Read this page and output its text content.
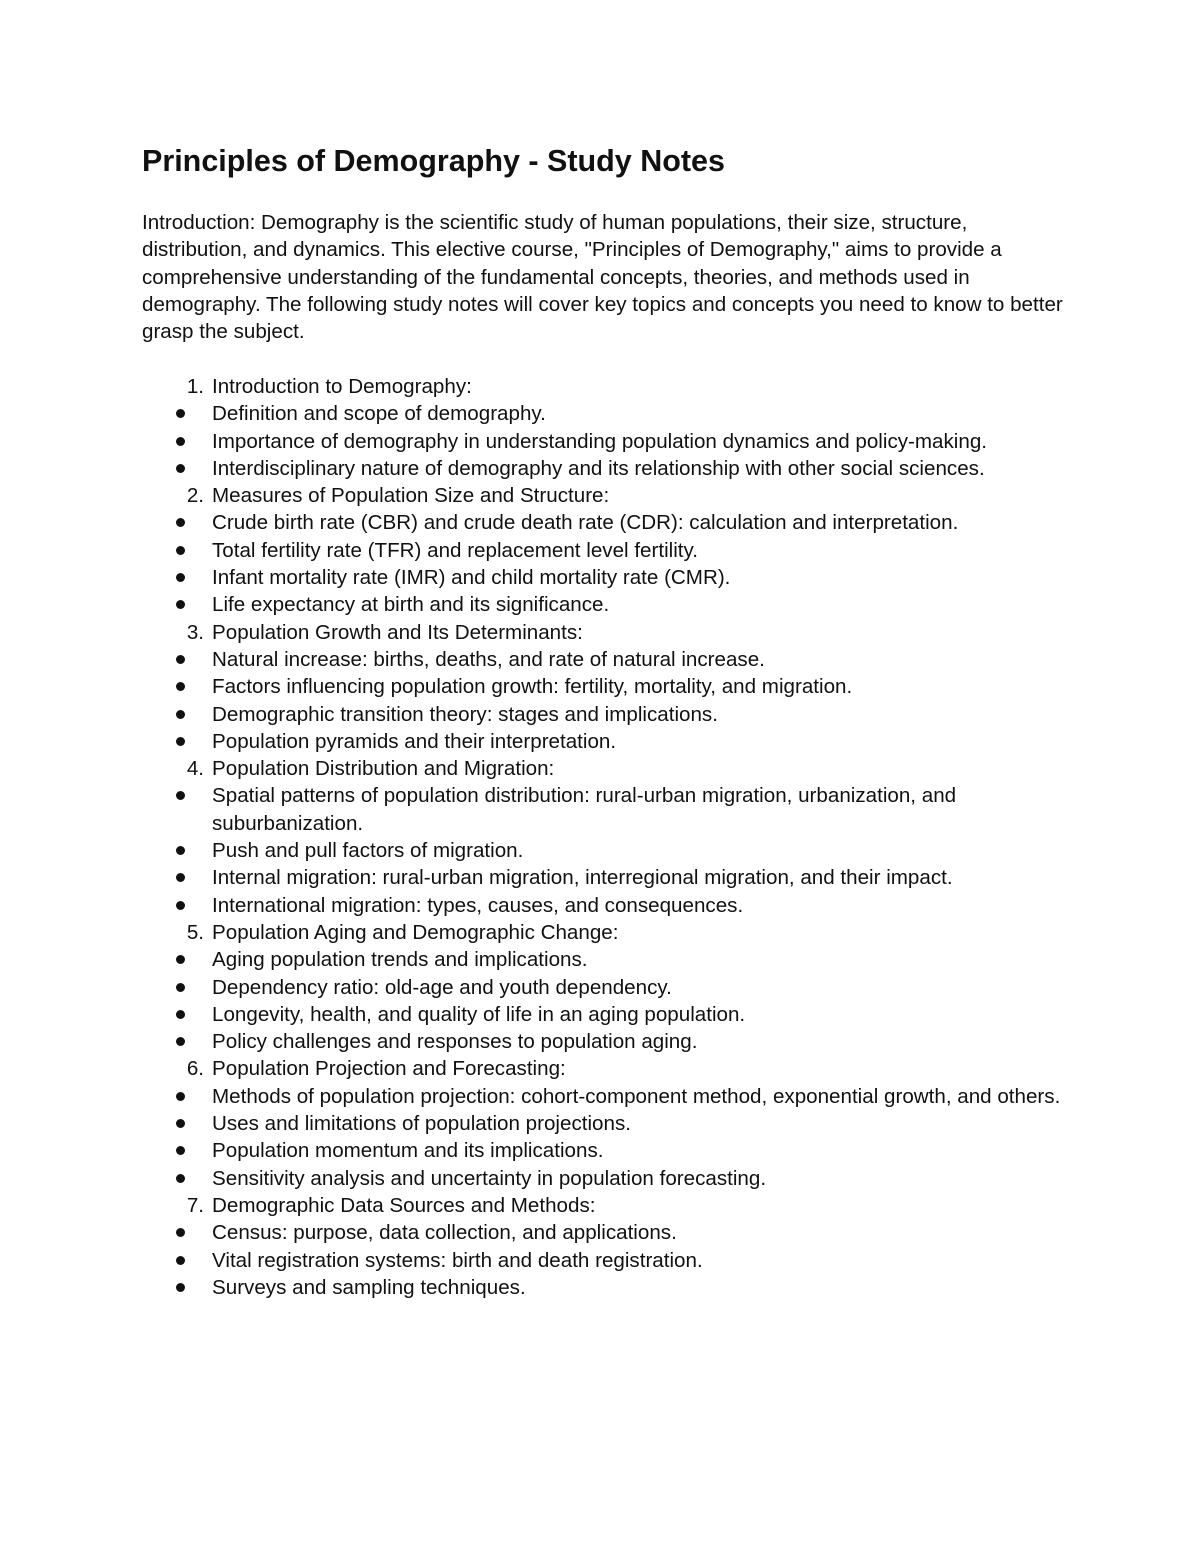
Principles of Demography - Study Notes

Introduction: Demography is the scientific study of human populations, their size, structure, distribution, and dynamics. This elective course, "Principles of Demography," aims to provide a comprehensive understanding of the fundamental concepts, theories, and methods used in demography. The following study notes will cover key topics and concepts you need to know to better grasp the subject.

1. Introduction to Demography:
Definition and scope of demography.
Importance of demography in understanding population dynamics and policy-making.
Interdisciplinary nature of demography and its relationship with other social sciences.
2. Measures of Population Size and Structure:
Crude birth rate (CBR) and crude death rate (CDR): calculation and interpretation.
Total fertility rate (TFR) and replacement level fertility.
Infant mortality rate (IMR) and child mortality rate (CMR).
Life expectancy at birth and its significance.
3. Population Growth and Its Determinants:
Natural increase: births, deaths, and rate of natural increase.
Factors influencing population growth: fertility, mortality, and migration.
Demographic transition theory: stages and implications.
Population pyramids and their interpretation.
4. Population Distribution and Migration:
Spatial patterns of population distribution: rural-urban migration, urbanization, and suburbanization.
Push and pull factors of migration.
Internal migration: rural-urban migration, interregional migration, and their impact.
International migration: types, causes, and consequences.
5. Population Aging and Demographic Change:
Aging population trends and implications.
Dependency ratio: old-age and youth dependency.
Longevity, health, and quality of life in an aging population.
Policy challenges and responses to population aging.
6. Population Projection and Forecasting:
Methods of population projection: cohort-component method, exponential growth, and others.
Uses and limitations of population projections.
Population momentum and its implications.
Sensitivity analysis and uncertainty in population forecasting.
7. Demographic Data Sources and Methods:
Census: purpose, data collection, and applications.
Vital registration systems: birth and death registration.
Surveys and sampling techniques.
